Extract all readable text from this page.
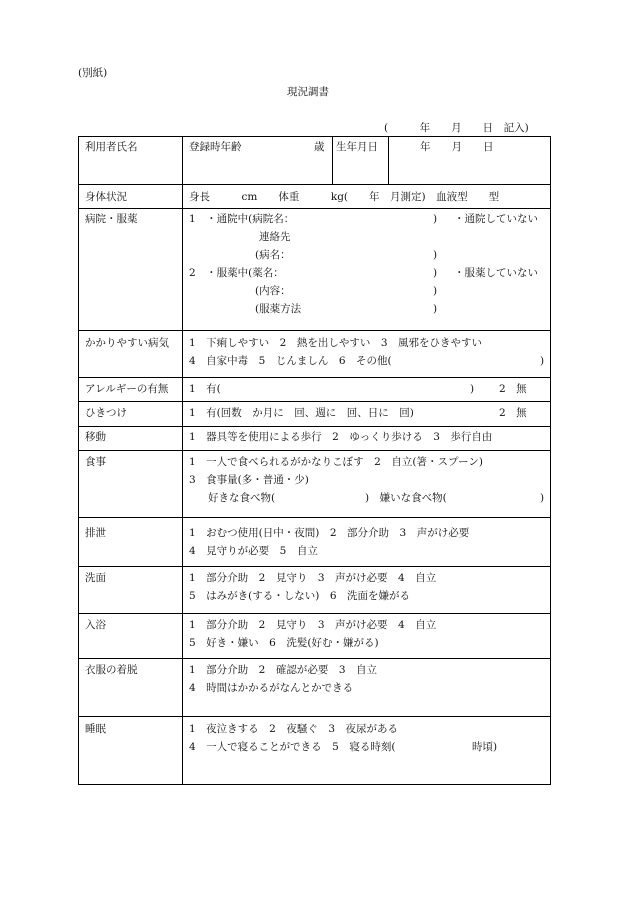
(別紙)
現況調書
(　　　年　　月　　日　記入)
利用者氏名	登録時年齢	歳 生年月日	年　　月　　日
身体状況	身長　　　cm　　体重　　　kg(　　年　月測定)　血液型　　型
病院・服薬	1　・通院中(病院名：	) ・通院していない
連絡先
(病名：	)
2　・服薬中(薬名：	) ・服薬していない
(内容：	)
(服薬方法	)
かかりやすい病気 1　下痢しやすい　2　熱を出しやすい　3　風邪をひきやすい
4　自家中毒　5　じんましん　6　その他(	)
アレルギーの有無 1　有(	) 2　無
ひきつけ	1　有(回数　か月に　回、週に　回、日に　回)	2　無
移動	1　器具等を使用による歩行　2　ゆっくり歩ける　3　歩行自由
食事	1　一人で食べられるがかなりこぼす　2　自立(箸・スプーン)
3　食事量(多・普通・少)
好きな食べ物(	)　嫌いな食べ物(	)
排泄	1　おむつ使用(日中・夜間)　2　部分介助　3　声がけ必要
4　見守りが必要　5　自立
洗面	1　部分介助　2　見守り　3　声がけ必要　4　自立
5　はみがき(する・しない)　6　洗面を嫌がる
入浴	1　部分介助　2　見守り　3　声がけ必要　4　自立
5　好き・嫌い　6　洗髪(好む・嫌がる)
衣服の着脱	1　部分介助　2　確認が必要　3　自立
4　時間はかかるがなんとかできる
睡眠	1　夜泣きする　2　夜騒ぐ　3　夜尿がある
4　一人で寝ることができる　5　寝る時刻(	時頃)
